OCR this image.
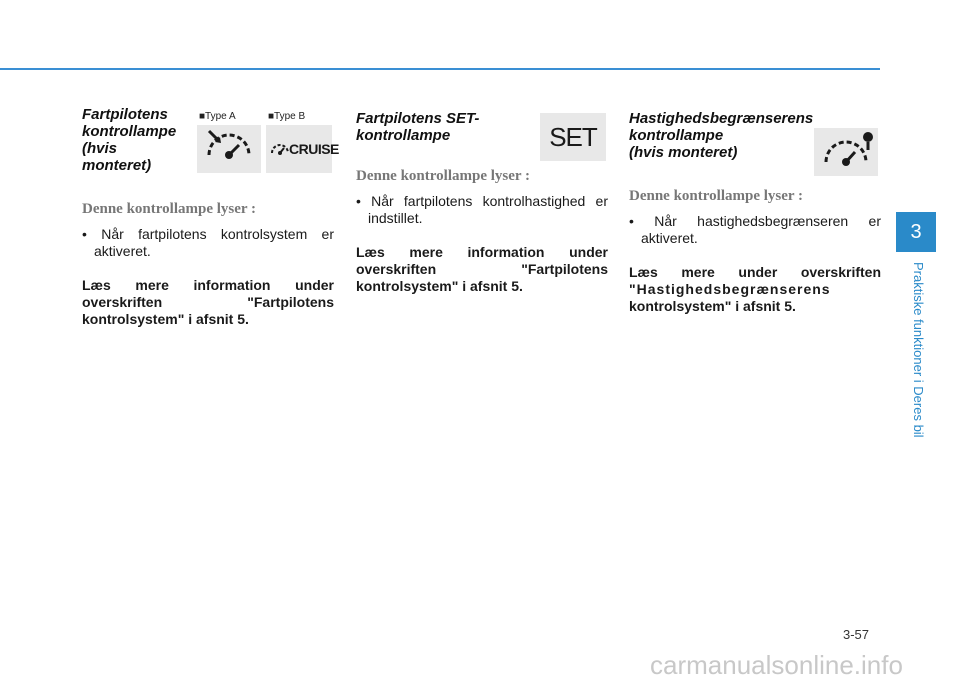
Fartpilotens
kontrollampe
(hvis
monteret)
Denne kontrollampe lyser :
• Når fartpilotens kontrolsystem er aktiveret.
Læs mere information under
overskriften "Fartpilotens
kontrolsystem" i afsnit 5.
■Type A	■Type B
CRUISE
Fartpilotens SET-
kontrollampe
Denne kontrollampe lyser :
• Når fartpilotens kontrolhastighed er indstillet.
Læs mere information under
overskriften "Fartpilotens
kontrolsystem" i afsnit 5.
SET
Hastighedsbegrænserens
kontrollampe
(hvis monteret)
Denne kontrollampe lyser :
• Når hastighedsbegrænseren er aktiveret.
Læs mere under overskriften
"Hastighedsbegrænserens
kontrolsystem" i afsnit 5.
3
Praktiske funktioner i Deres bil
3-57
carmanualsonline.info
